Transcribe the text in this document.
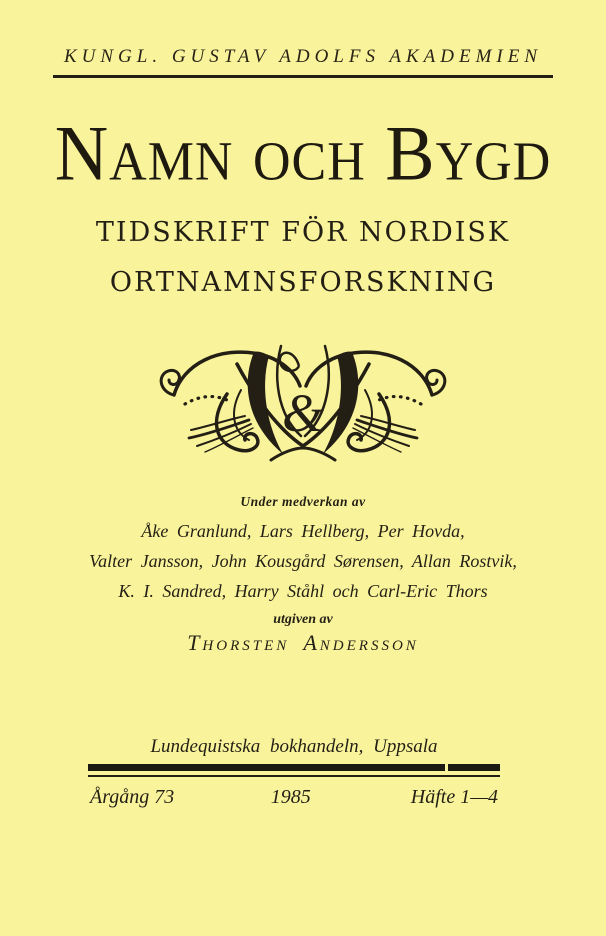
KUNGL. GUSTAV ADOLFS AKADEMIEN
Namn och Bygd
TIDSKRIFT FÖR NORDISK
ORTNAMNSFORSKNING
&
Under medverkan av
Åke Granlund, Lars Hellberg, Per Hovda,
Valter Jansson, John Kousgård Sørensen, Allan Rostvik,
K. I. Sandred, Harry Ståhl och Carl-Eric Thors
utgiven av
Thorsten Andersson
Lundequistska bokhandeln, Uppsala
Årgång 73	1985	Häfte 1—4
